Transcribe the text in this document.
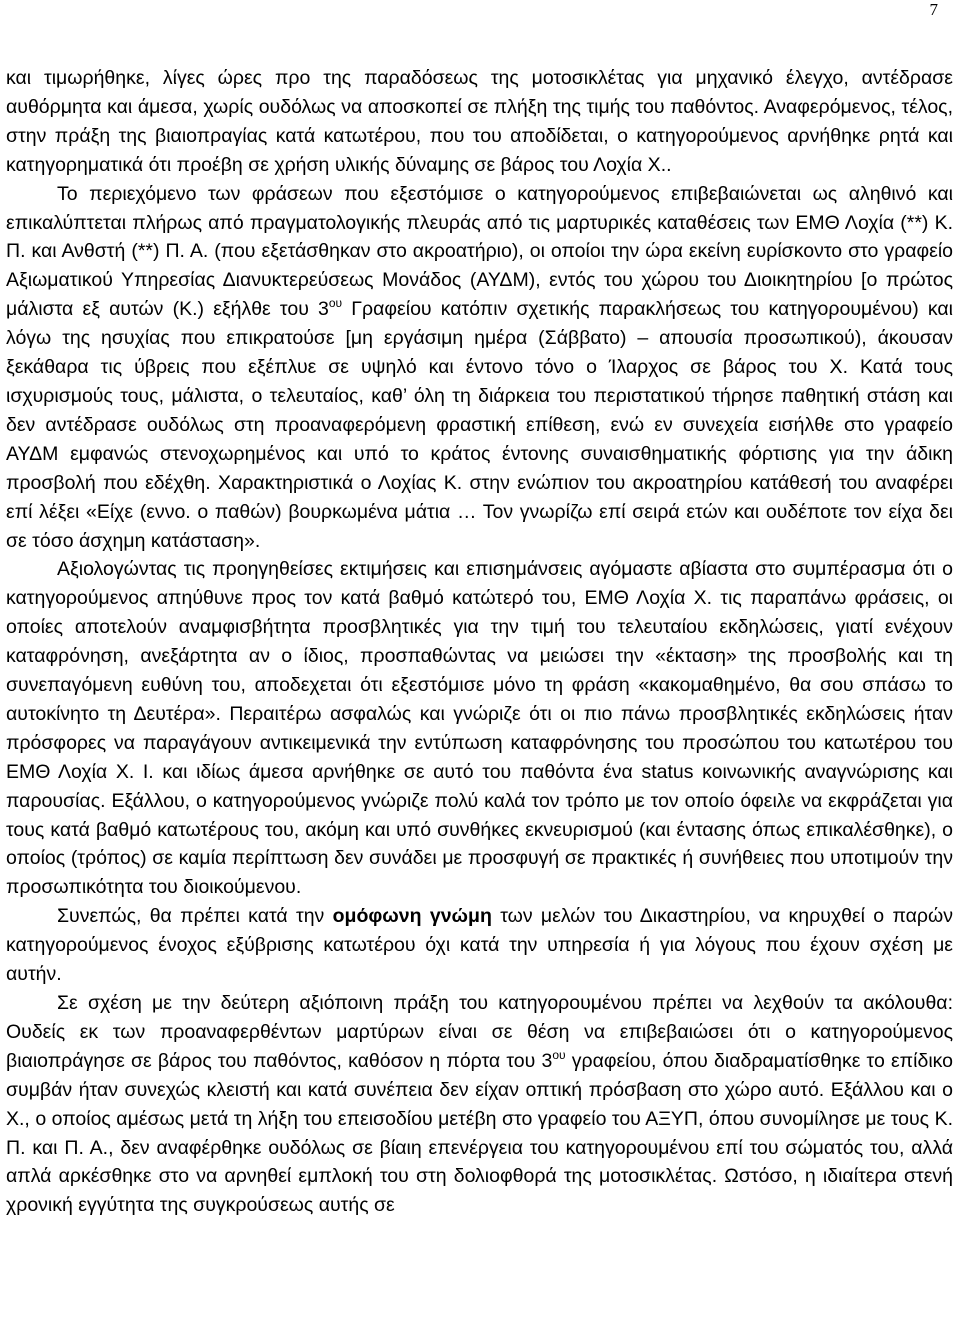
7

και τιμωρήθηκε, λίγες ώρες προ της παραδόσεως της μοτοσικλέτας για μηχανικό έλεγχο, αντέδρασε αυθόρμητα και άμεσα, χωρίς ουδόλως να αποσκοπεί σε πλήξη της τιμής του παθόντος. Αναφερόμενος, τέλος, στην πράξη της βιαιοπραγίας κατά κατωτέρου, που του αποδίδεται, ο κατηγορούμενος αρνήθηκε ρητά και κατηγορηματικά ότι προέβη σε χρήση υλικής δύναμης σε βάρος του Λοχία Χ..

Το περιεχόμενο των φράσεων που εξεστόμισε ο κατηγορούμενος επιβεβαιώνεται ως αληθινό και επικαλύπτεται πλήρως από πραγματολογικής πλευράς από τις μαρτυρικές καταθέσεις των ΕΜΘ Λοχία (**) Κ. Π. και Ανθστή (**) Π. Α. (που εξετάσθηκαν στο ακροατήριο), οι οποίοι την ώρα εκείνη ευρίσκοντο στο γραφείο Αξιωματικού Υπηρεσίας Διανυκτερεύσεως Μονάδος (ΑΥΔΜ), εντός του χώρου του Διοικητηρίου [ο πρώτος μάλιστα εξ αυτών (Κ.) εξήλθε του $3^{o\upsilon}$ Γραφείου κατόπιν σχετικής παρακλήσεως του κατηγορουμένου) και λόγω της ησυχίας που επικρατούσε [μη εργάσιμη ημέρα (Σάββατο) – απουσία προσωπικού), άκουσαν ξεκάθαρα τις ύβρεις που εξέπλυε σε υψηλό και έντονο τόνο ο Ίλαρχος σε βάρος του Χ. Κατά τους ισχυρισμούς τους, μάλιστα, ο τελευταίος, καθ’ όλη τη διάρκεια του περιστατικού τήρησε παθητική στάση και δεν αντέδρασε ουδόλως στη προαναφερόμενη φραστική επίθεση, ενώ εν συνεχεία εισήλθε στο γραφείο ΑΥΔΜ εμφανώς στενοχωρημένος και υπό το κράτος έντονης συναισθηματικής φόρτισης για την άδικη προσβολή που εδέχθη. Χαρακτηριστικά ο Λοχίας Κ. στην ενώπιον του ακροατηρίου κατάθεσή του αναφέρει επί λέξει «Είχε (εννο. ο παθών) βουρκωμένα μάτια … Τον γνωρίζω επί σειρά ετών και ουδέποτε τον είχα δει σε τόσο άσχημη κατάσταση».

Αξιολογώντας τις προηγηθείσες εκτιμήσεις και επισημάνσεις αγόμαστε αβίαστα στο συμπέρασμα ότι ο κατηγορούμενος απηύθυνε προς τον κατά βαθμό κατώτερό του, ΕΜΘ Λοχία Χ. τις παραπάνω φράσεις, οι οποίες αποτελούν αναμφισβήτητα προσβλητικές για την τιμή του τελευταίου εκδηλώσεις, γιατί ενέχουν καταφρόνηση, ανεξάρτητα αν ο ίδιος, προσπαθώντας να μειώσει την «έκταση» της προσβολής και τη συνεπαγόμενη ευθύνη του, αποδεχεται ότι εξεστόμισε μόνο τη φράση «κακομαθημένο, θα σου σπάσω το αυτοκίνητο τη Δευτέρα». Περαιτέρω ασφαλώς και γνώριζε ότι οι πιο πάνω προσβλητικές εκδηλώσεις ήταν πρόσφορες να παραγάγουν αντικειμενικά την εντύπωση καταφρόνησης του προσώπου του κατωτέρου του ΕΜΘ Λοχία Χ. Ι. και ιδίως άμεσα αρνήθηκε σε αυτό του παθόντα ένα status κοινωνικής αναγνώρισης και παρουσίας. Εξάλλου, ο κατηγορούμενος γνώριζε πολύ καλά τον τρόπο με τον οποίο όφειλε να εκφράζεται για τους κατά βαθμό κατωτέρους του, ακόμη και υπό συνθήκες εκνευρισμού (και έντασης όπως επικαλέσθηκε), ο οποίος (τρόπος) σε καμία περίπτωση δεν συνάδει με προσφυγή σε πρακτικές ή συνήθειες που υποτιμούν την προσωπικότητα του διοικούμενου.

Συνεπώς, θα πρέπει κατά την ομόφωνη γνώμη των μελών του Δικαστηρίου, να κηρυχθεί ο παρών κατηγορούμενος ένοχος εξύβρισης κατωτέρου όχι κατά την υπηρεσία ή για λόγους που έχουν σχέση με αυτήν.

Σε σχέση με την δεύτερη αξιόποινη πράξη του κατηγορουμένου πρέπει να λεχθούν τα ακόλουθα: Ουδείς εκ των προαναφερθέντων μαρτύρων είναι σε θέση να επιβεβαιώσει ότι ο κατηγορούμενος βιαιοπράγησε σε βάρος του παθόντος, καθόσον η πόρτα του $3^{o\upsilon}$ γραφείου, όπου διαδραματίσθηκε το επίδικο συμβάν ήταν συνεχώς κλειστή και κατά συνέπεια δεν είχαν οπτική πρόσβαση στο χώρο αυτό. Εξάλλου και ο Χ., ο οποίος αμέσως μετά τη λήξη του επεισοδίου μετέβη στο γραφείο του ΑΞΥΠ, όπου συνομίλησε με τους Κ. Π. και Π. Α., δεν αναφέρθηκε ουδόλως σε βίαιη επενέργεια του κατηγορουμένου επί του σώματός του, αλλά απλά αρκέσθηκε στο να αρνηθεί εμπλοκή του στη δολιοφθορά της μοτοσικλέτας. Ωστόσο, η ιδιαίτερα στενή χρονική εγγύτητα της συγκρούσεως αυτής σε
